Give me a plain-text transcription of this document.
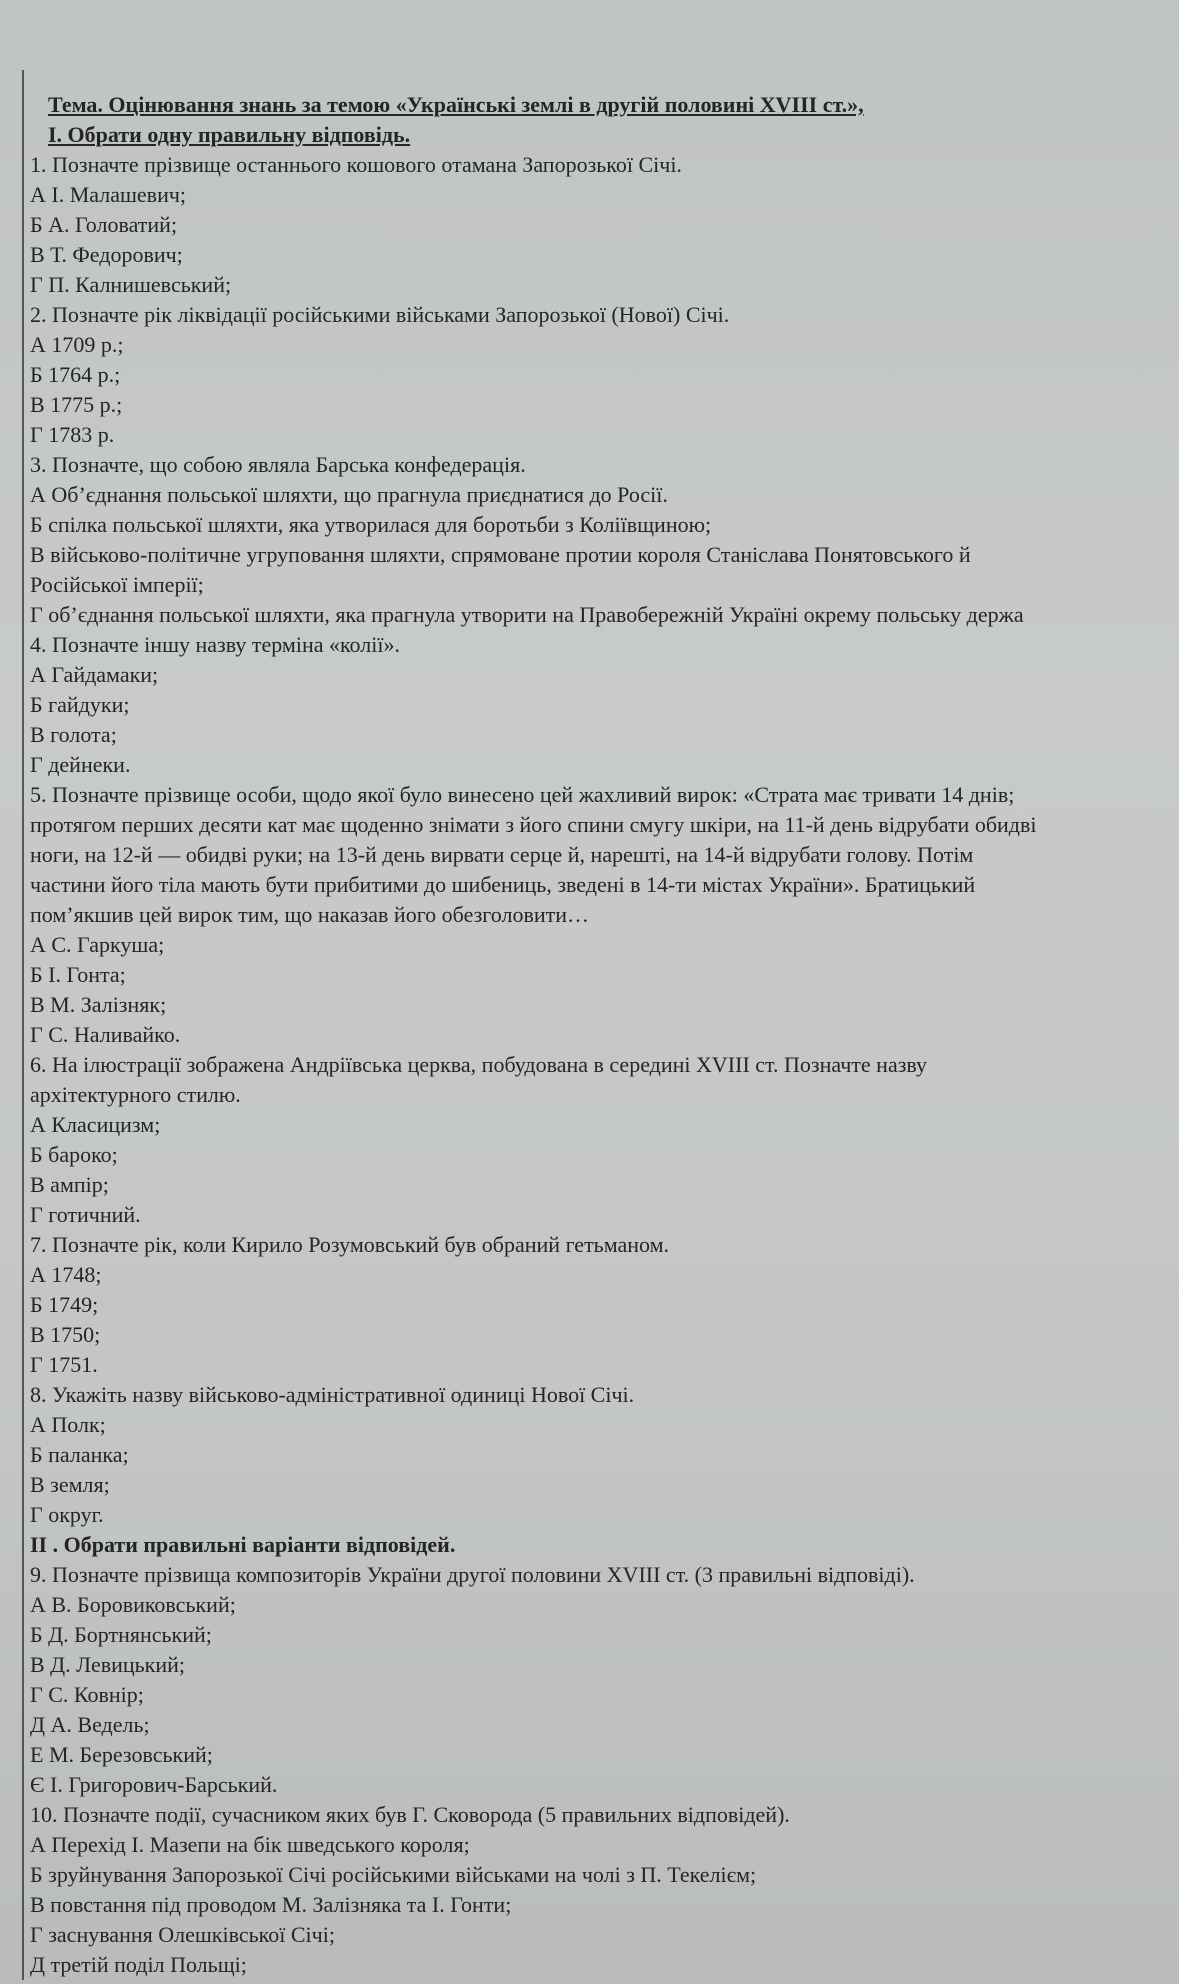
Тема. Оцінювання знань за темою «Українські землі в другій половині XVIII ст.»,
І. Обрати одну правильну відповідь.
1. Позначте прізвище останнього кошового отамана Запорозької Січі.
А І. Малашевич;
Б А. Головатий;
В Т. Федорович;
Г П. Калнишевський;
2. Позначте рік ліквідації російськими військами Запорозької (Нової) Січі.
А 1709 р.;
Б 1764 р.;
В 1775 р.;
Г 1783 р.
3. Позначте, що собою являла Барська конфедерація.
А Об’єднання польської шляхти, що прагнула приєднатися до Росії.
Б спілка польської шляхти, яка утворилася для боротьби з Коліївщиною;
В військово-політичне угруповання шляхти, спрямоване протии короля Станіслава Понятовського й
Російської імперії;
Г об’єднання польської шляхти, яка прагнула утворити на Правобережній Україні окрему польську держа
4. Позначте іншу назву терміна «колії».
А Гайдамаки;
Б гайдуки;
В голота;
Г дейнеки.
5. Позначте прізвище особи, щодо якої було винесено цей жахливий вирок: «Страта має тривати 14 днів;
протягом перших десяти кат має щоденно знімати з його спини смугу шкіри, на 11-й день відрубати обидві
ноги, на 12-й — обидві руки; на 13-й день вирвати серце й, нарешті, на 14-й відрубати голову. Потім
частини його тіла мають бути прибитими до шибениць, зведені в 14-ти містах України». Братицький
пом’якшив цей вирок тим, що наказав його обезголовити…
А С. Гаркуша;
Б І. Гонта;
В М. Залізняк;
Г С. Наливайко.
6. На ілюстрації зображена Андріївська церква, побудована в середині XVIII ст. Позначте назву
архітектурного стилю.
А Класицизм;
Б бароко;
В ампір;
Г готичний.
7. Позначте рік, коли Кирило Розумовський був обраний гетьманом.
А 1748;
Б 1749;
В 1750;
Г 1751.
8. Укажіть назву військово-адміністративної одиниці Нової Січі.
А Полк;
Б паланка;
В земля;
Г округ.
ІІ . Обрати правильні варіанти відповідей.
9. Позначте прізвища композиторів України другої половини XVIII ст. (3 правильні відповіді).
А В. Боровиковський;
Б Д. Бортнянський;
В Д. Левицький;
Г С. Ковнір;
Д А. Ведель;
Е М. Березовський;
Є І. Григорович-Барський.
10. Позначте події, сучасником яких був Г. Сковорода (5 правильних відповідей).
А Перехід І. Мазепи на бік шведського короля;
Б зруйнування Запорозької Січі російськими військами на чолі з П. Текелієм;
В повстання під проводом М. Залізняка та І. Гонти;
Г заснування Олешківської Січі;
Д третій поділ Польщі;
